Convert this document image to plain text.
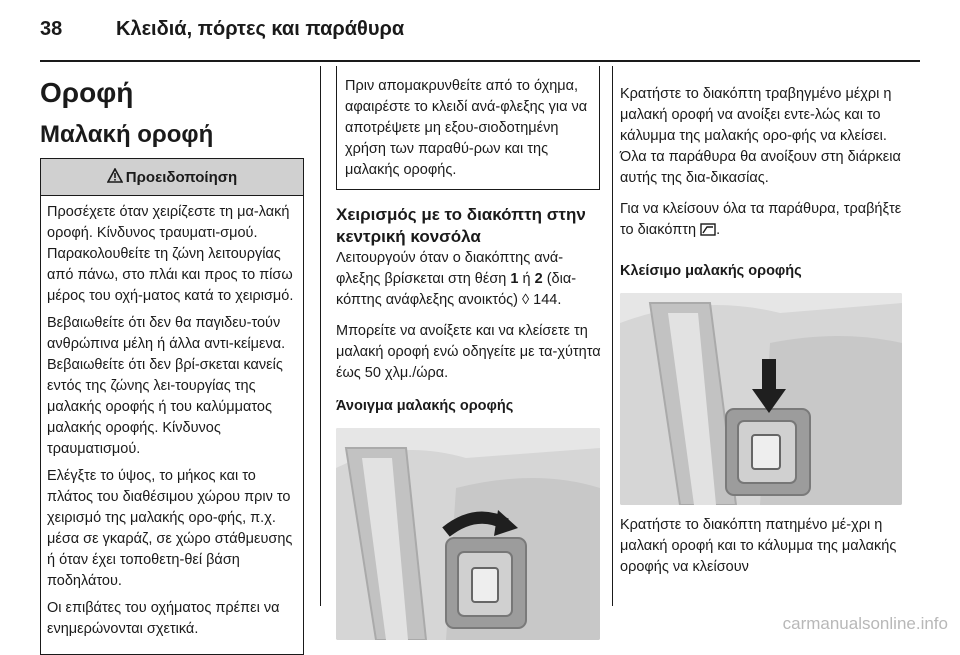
38	Κλειδιά, πόρτες και παράθυρα
Οροφή
Μαλακή οροφή
Προειδοποίηση

Προσέχετε όταν χειρίζεστε τη μα-λακή οροφή. Κίνδυνος τραυματι-σμού. Παρακολουθείτε τη ζώνη λειτουργίας από πάνω, στο πλάι και προς το πίσω μέρος του οχή-ματος κατά το χειρισμό.

Βεβαιωθείτε ότι δεν θα παγιδευ-τούν ανθρώπινα μέλη ή άλλα αντι-κείμενα. Βεβαιωθείτε ότι δεν βρί-σκεται κανείς εντός της ζώνης λει-τουργίας της μαλακής οροφής ή του καλύμματος μαλακής οροφής. Κίνδυνος τραυματισμού.

Ελέγξτε το ύψος, το μήκος και το πλάτος του διαθέσιμου χώρου πριν το χειρισμό της μαλακής ορο-φής, π.χ. μέσα σε γκαράζ, σε χώρο στάθμευσης ή όταν έχει τοποθετη-θεί βάση ποδηλάτου.

Οι επιβάτες του οχήματος πρέπει να ενημερώνονται σχετικά.

Πριν απομακρυνθείτε από το όχημα, αφαιρέστε το κλειδί ανά-φλεξης για να αποτρέψετε μη εξου-σιοδοτημένη χρήση των παραθύ-ρων και της μαλακής οροφής.

Χειρισμός με το διακόπτη στην κεντρική κονσόλα

Λειτουργούν όταν ο διακόπτης ανά-φλεξης βρίσκεται στη θέση 1 ή 2 (δια-κόπτης ανάφλεξης ανοικτός) ◊ 144.

Μπορείτε να ανοίξετε και να κλείσετε τη μαλακή οροφή ενώ οδηγείτε με τα-χύτητα έως 50 χλμ./ώρα.

Άνοιγμα μαλακής οροφής

Κρατήστε το διακόπτη τραβηγμένο μέχρι η μαλακή οροφή να ανοίξει εντε-λώς και το κάλυμμα της μαλακής ορο-φής να κλείσει. Όλα τα παράθυρα θα ανοίξουν στη διάρκεια αυτής της δια-δικασίας.

Για να κλείσουν όλα τα παράθυρα, τραβήξτε το διακόπτη .

Κλείσιμο μαλακής οροφής

Κρατήστε το διακόπτη πατημένο μέ-χρι η μαλακή οροφή και το κάλυμμα της μαλακής οροφής να κλείσουν

carmanualsonline.info
